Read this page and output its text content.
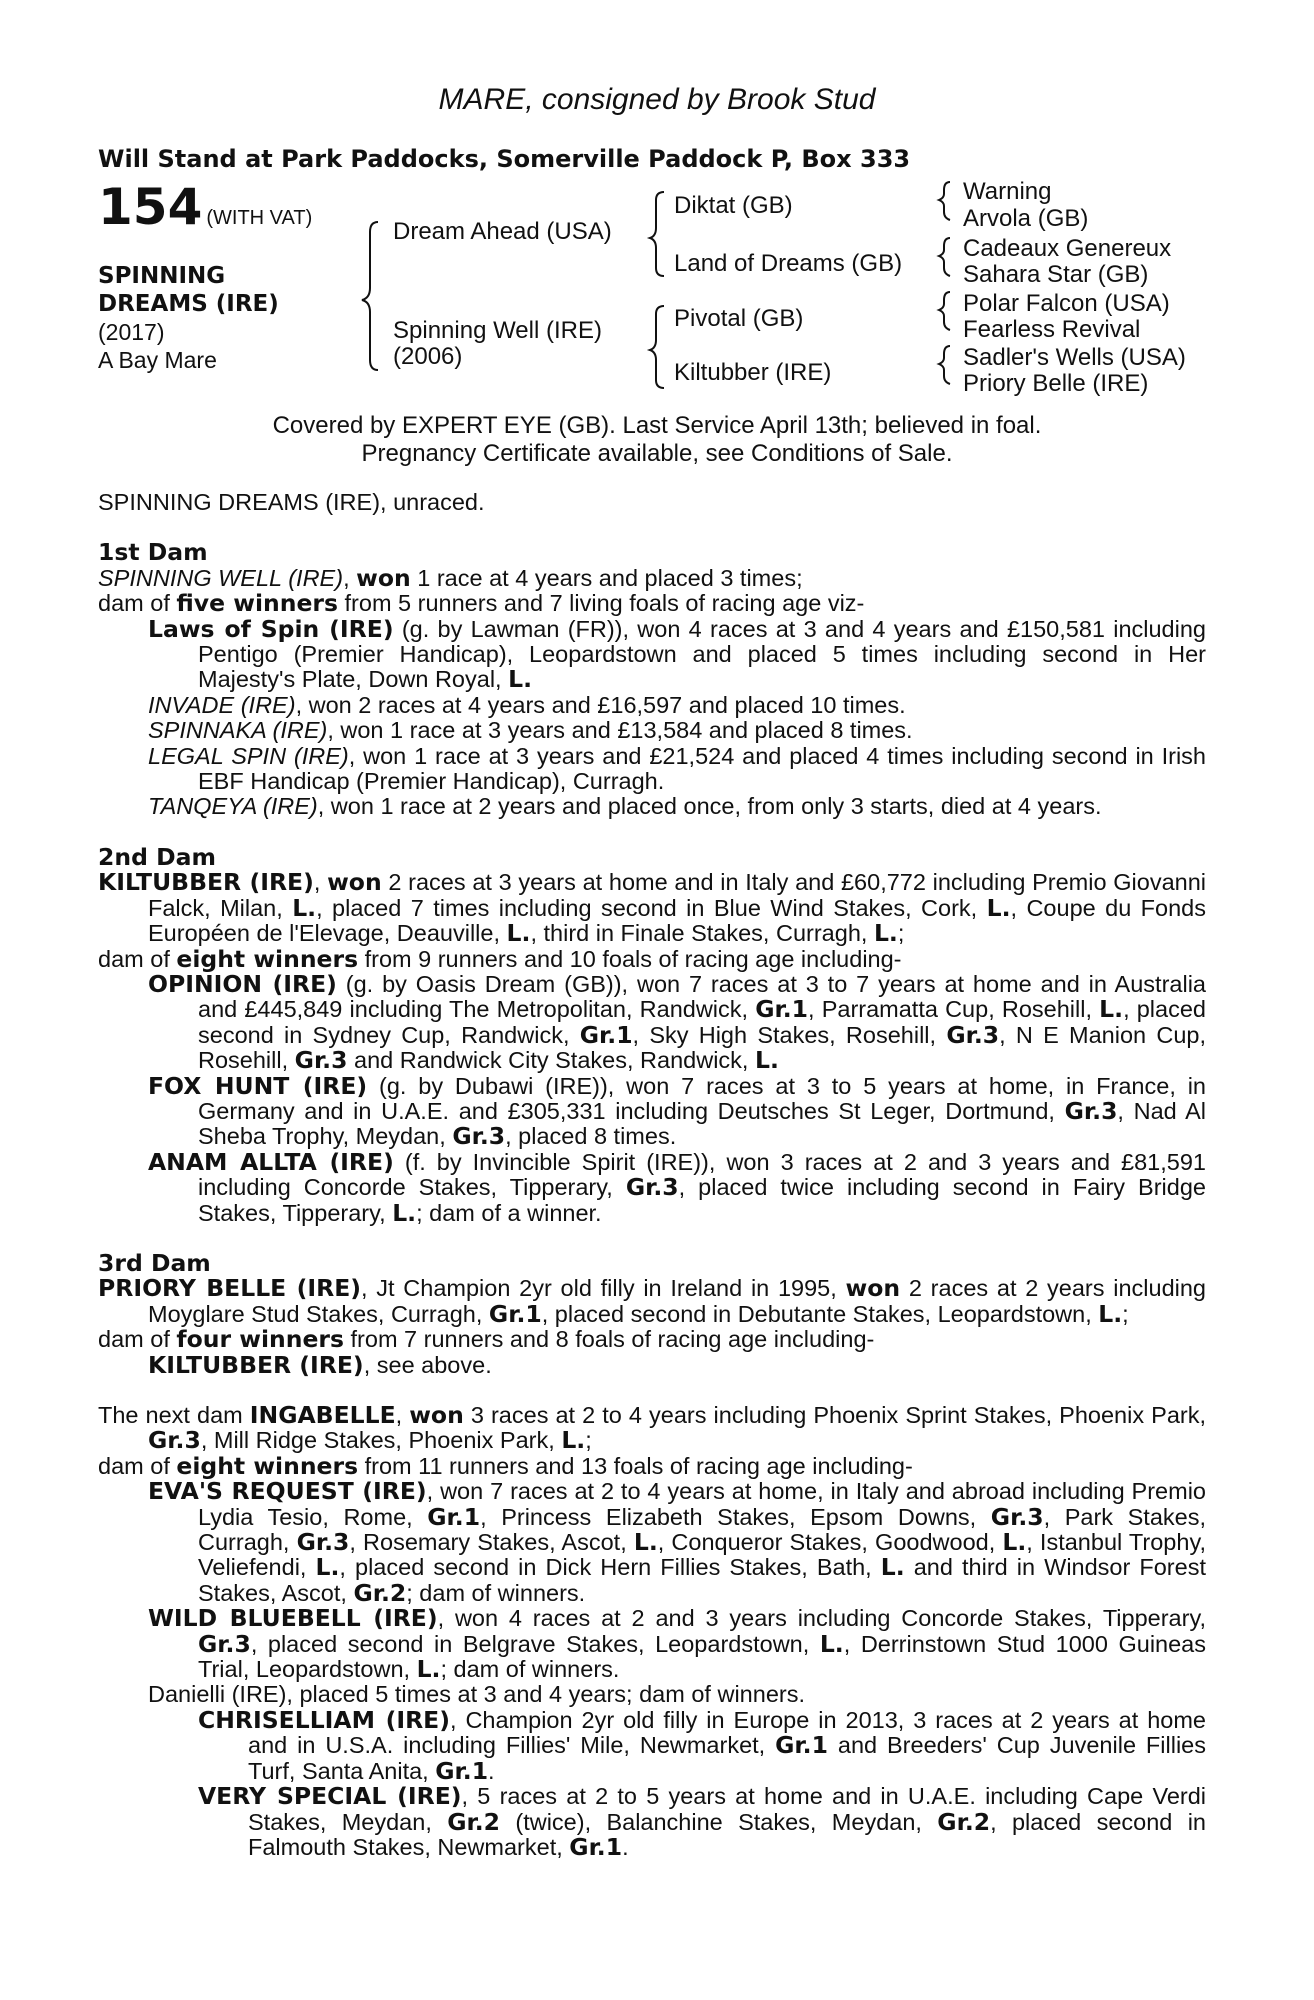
MARE, consigned by Brook Stud
Will Stand at Park Paddocks, Somerville Paddock P, Box 333
154 (WITH VAT)
SPINNING
DREAMS (IRE)
(2017)
A Bay Mare
Dream Ahead (USA)
Spinning Well (IRE)
(2006)
Diktat (GB)
Land of Dreams (GB)
Pivotal (GB)
Kiltubber (IRE)
Warning
Arvola (GB)
Cadeaux Genereux
Sahara Star (GB)
Polar Falcon (USA)
Fearless Revival
Sadler's Wells (USA)
Priory Belle (IRE)
Covered by EXPERT EYE (GB). Last Service April 13th; believed in foal.
Pregnancy Certificate available, see Conditions of Sale.

SPINNING DREAMS (IRE), unraced.

1st Dam

SPINNING WELL (IRE), won 1 race at 4 years and placed 3 times;

dam of five winners from 5 runners and 7 living foals of racing age viz-

Laws of Spin (IRE) (g. by Lawman (FR)), won 4 races at 3 and 4 years and £150,581 including Pentigo (Premier Handicap), Leopardstown and placed 5 times including second in Her Majesty's Plate, Down Royal, L.

INVADE (IRE), won 2 races at 4 years and £16,597 and placed 10 times.

SPINNAKA (IRE), won 1 race at 3 years and £13,584 and placed 8 times.

LEGAL SPIN (IRE), won 1 race at 3 years and £21,524 and placed 4 times including second in Irish EBF Handicap (Premier Handicap), Curragh.

TANQEYA (IRE), won 1 race at 2 years and placed once, from only 3 starts, died at 4 years.

2nd Dam

KILTUBBER (IRE), won 2 races at 3 years at home and in Italy and £60,772 including Premio Giovanni Falck, Milan, L., placed 7 times including second in Blue Wind Stakes, Cork, L., Coupe du Fonds Européen de l'Elevage, Deauville, L., third in Finale Stakes, Curragh, L.;

dam of eight winners from 9 runners and 10 foals of racing age including-

OPINION (IRE) (g. by Oasis Dream (GB)), won 7 races at 3 to 7 years at home and in Australia and £445,849 including The Metropolitan, Randwick, Gr.1, Parramatta Cup, Rosehill, L., placed second in Sydney Cup, Randwick, Gr.1, Sky High Stakes, Rosehill, Gr.3, N E Manion Cup, Rosehill, Gr.3 and Randwick City Stakes, Randwick, L.

FOX HUNT (IRE) (g. by Dubawi (IRE)), won 7 races at 3 to 5 years at home, in France, in Germany and in U.A.E. and £305,331 including Deutsches St Leger, Dortmund, Gr.3, Nad Al Sheba Trophy, Meydan, Gr.3, placed 8 times.

ANAM ALLTA (IRE) (f. by Invincible Spirit (IRE)), won 3 races at 2 and 3 years and £81,591 including Concorde Stakes, Tipperary, Gr.3, placed twice including second in Fairy Bridge Stakes, Tipperary, L.; dam of a winner.

3rd Dam

PRIORY BELLE (IRE), Jt Champion 2yr old filly in Ireland in 1995, won 2 races at 2 years including Moyglare Stud Stakes, Curragh, Gr.1, placed second in Debutante Stakes, Leopardstown, L.;

dam of four winners from 7 runners and 8 foals of racing age including-

KILTUBBER (IRE), see above.

The next dam INGABELLE, won 3 races at 2 to 4 years including Phoenix Sprint Stakes, Phoenix Park, Gr.3, Mill Ridge Stakes, Phoenix Park, L.;

dam of eight winners from 11 runners and 13 foals of racing age including-

EVA'S REQUEST (IRE), won 7 races at 2 to 4 years at home, in Italy and abroad including Premio Lydia Tesio, Rome, Gr.1, Princess Elizabeth Stakes, Epsom Downs, Gr.3, Park Stakes, Curragh, Gr.3, Rosemary Stakes, Ascot, L., Conqueror Stakes, Goodwood, L., Istanbul Trophy, Veliefendi, L., placed second in Dick Hern Fillies Stakes, Bath, L. and third in Windsor Forest Stakes, Ascot, Gr.2; dam of winners.

WILD BLUEBELL (IRE), won 4 races at 2 and 3 years including Concorde Stakes, Tipperary, Gr.3, placed second in Belgrave Stakes, Leopardstown, L., Derrinstown Stud 1000 Guineas Trial, Leopardstown, L.; dam of winners.

Danielli (IRE), placed 5 times at 3 and 4 years; dam of winners.

CHRISELLIAM (IRE), Champion 2yr old filly in Europe in 2013, 3 races at 2 years at home and in U.S.A. including Fillies' Mile, Newmarket, Gr.1 and Breeders' Cup Juvenile Fillies Turf, Santa Anita, Gr.1.

VERY SPECIAL (IRE), 5 races at 2 to 5 years at home and in U.A.E. including Cape Verdi Stakes, Meydan, Gr.2 (twice), Balanchine Stakes, Meydan, Gr.2, placed second in Falmouth Stakes, Newmarket, Gr.1.
